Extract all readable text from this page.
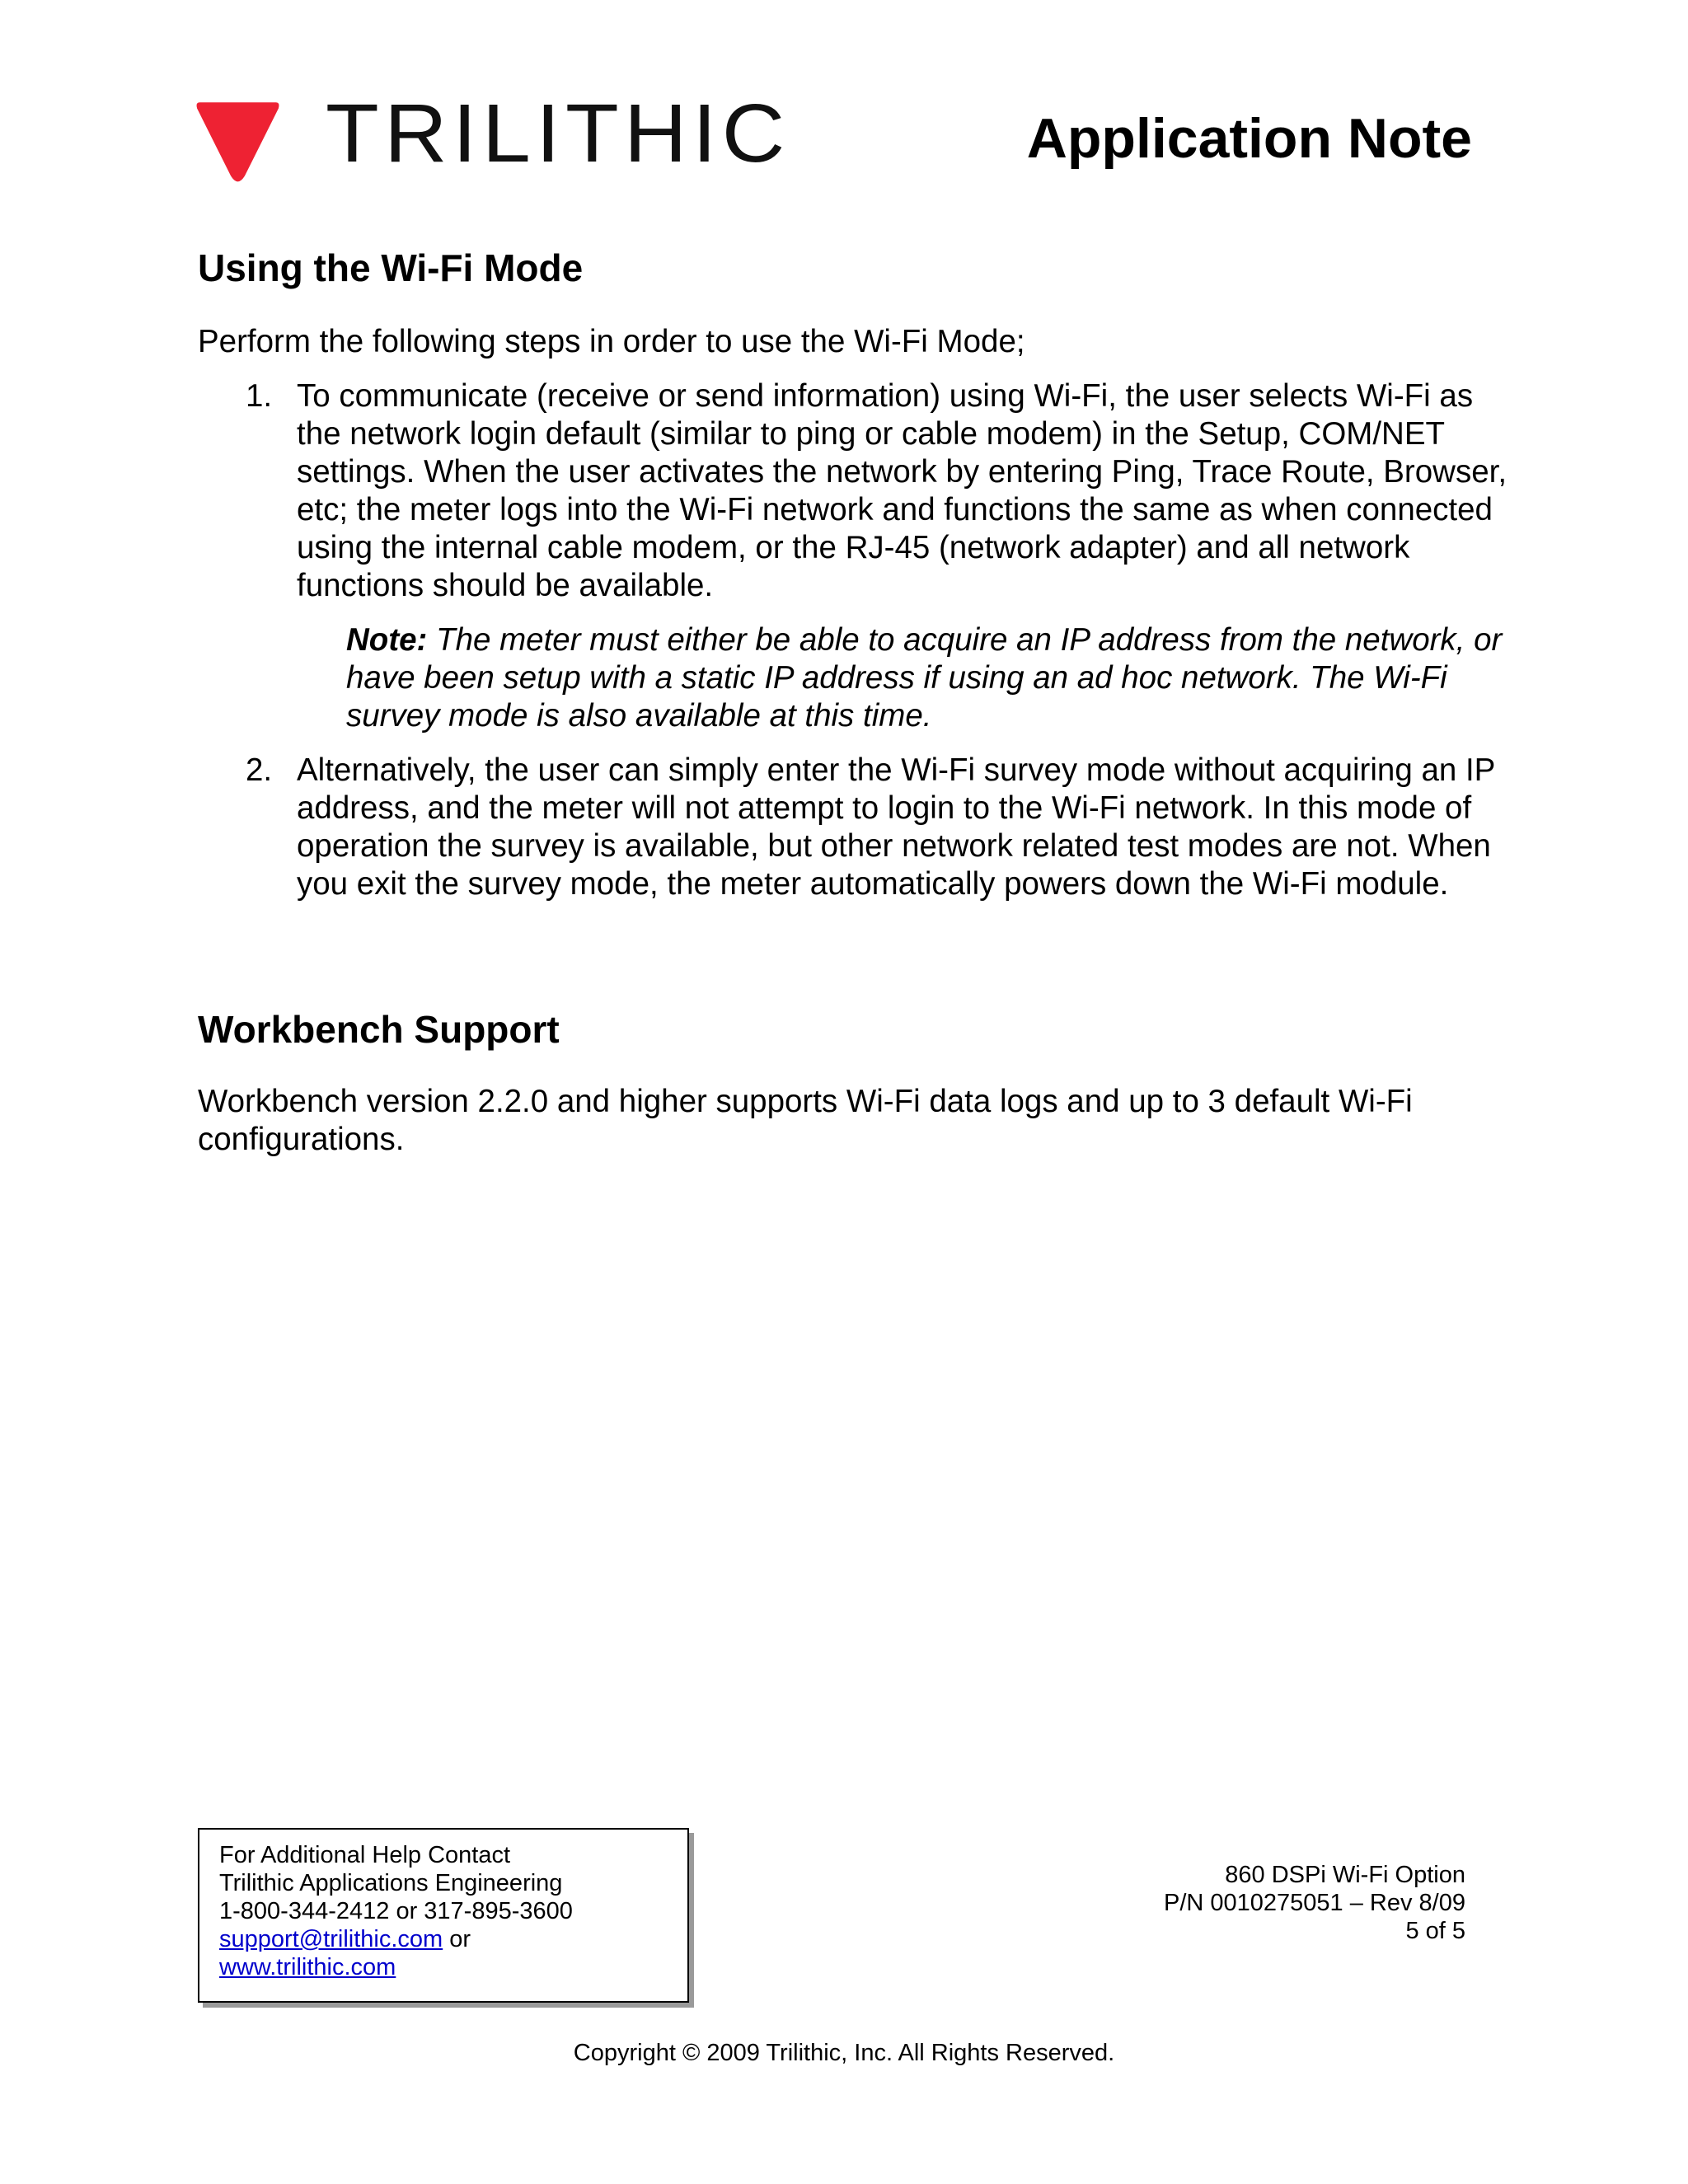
TRILITHIC	Application Note
Using the Wi-Fi Mode
Perform the following steps in order to use the Wi-Fi Mode;
1. To communicate (receive or send information) using Wi-Fi, the user selects Wi-Fi as the network login default (similar to ping or cable modem) in the Setup, COM/NET settings. When the user activates the network by entering Ping, Trace Route, Browser, etc; the meter logs into the Wi-Fi network and functions the same as when connected using the internal cable modem, or the RJ-45 (network adapter) and all network functions should be available.
Note: The meter must either be able to acquire an IP address from the network, or have been setup with a static IP address if using an ad hoc network. The Wi-Fi survey mode is also available at this time.
2. Alternatively, the user can simply enter the Wi-Fi survey mode without acquiring an IP address, and the meter will not attempt to login to the Wi-Fi network. In this mode of operation the survey is available, but other network related test modes are not. When you exit the survey mode, the meter automatically powers down the Wi-Fi module.
Workbench Support
Workbench version 2.2.0 and higher supports Wi-Fi data logs and up to 3 default Wi-Fi configurations.
For Additional Help Contact
Trilithic Applications Engineering
1-800-344-2412 or 317-895-3600
support@trilithic.com or
www.trilithic.com
860 DSPi Wi-Fi Option
P/N 0010275051 – Rev 8/09
5 of 5
Copyright © 2009 Trilithic, Inc. All Rights Reserved.
